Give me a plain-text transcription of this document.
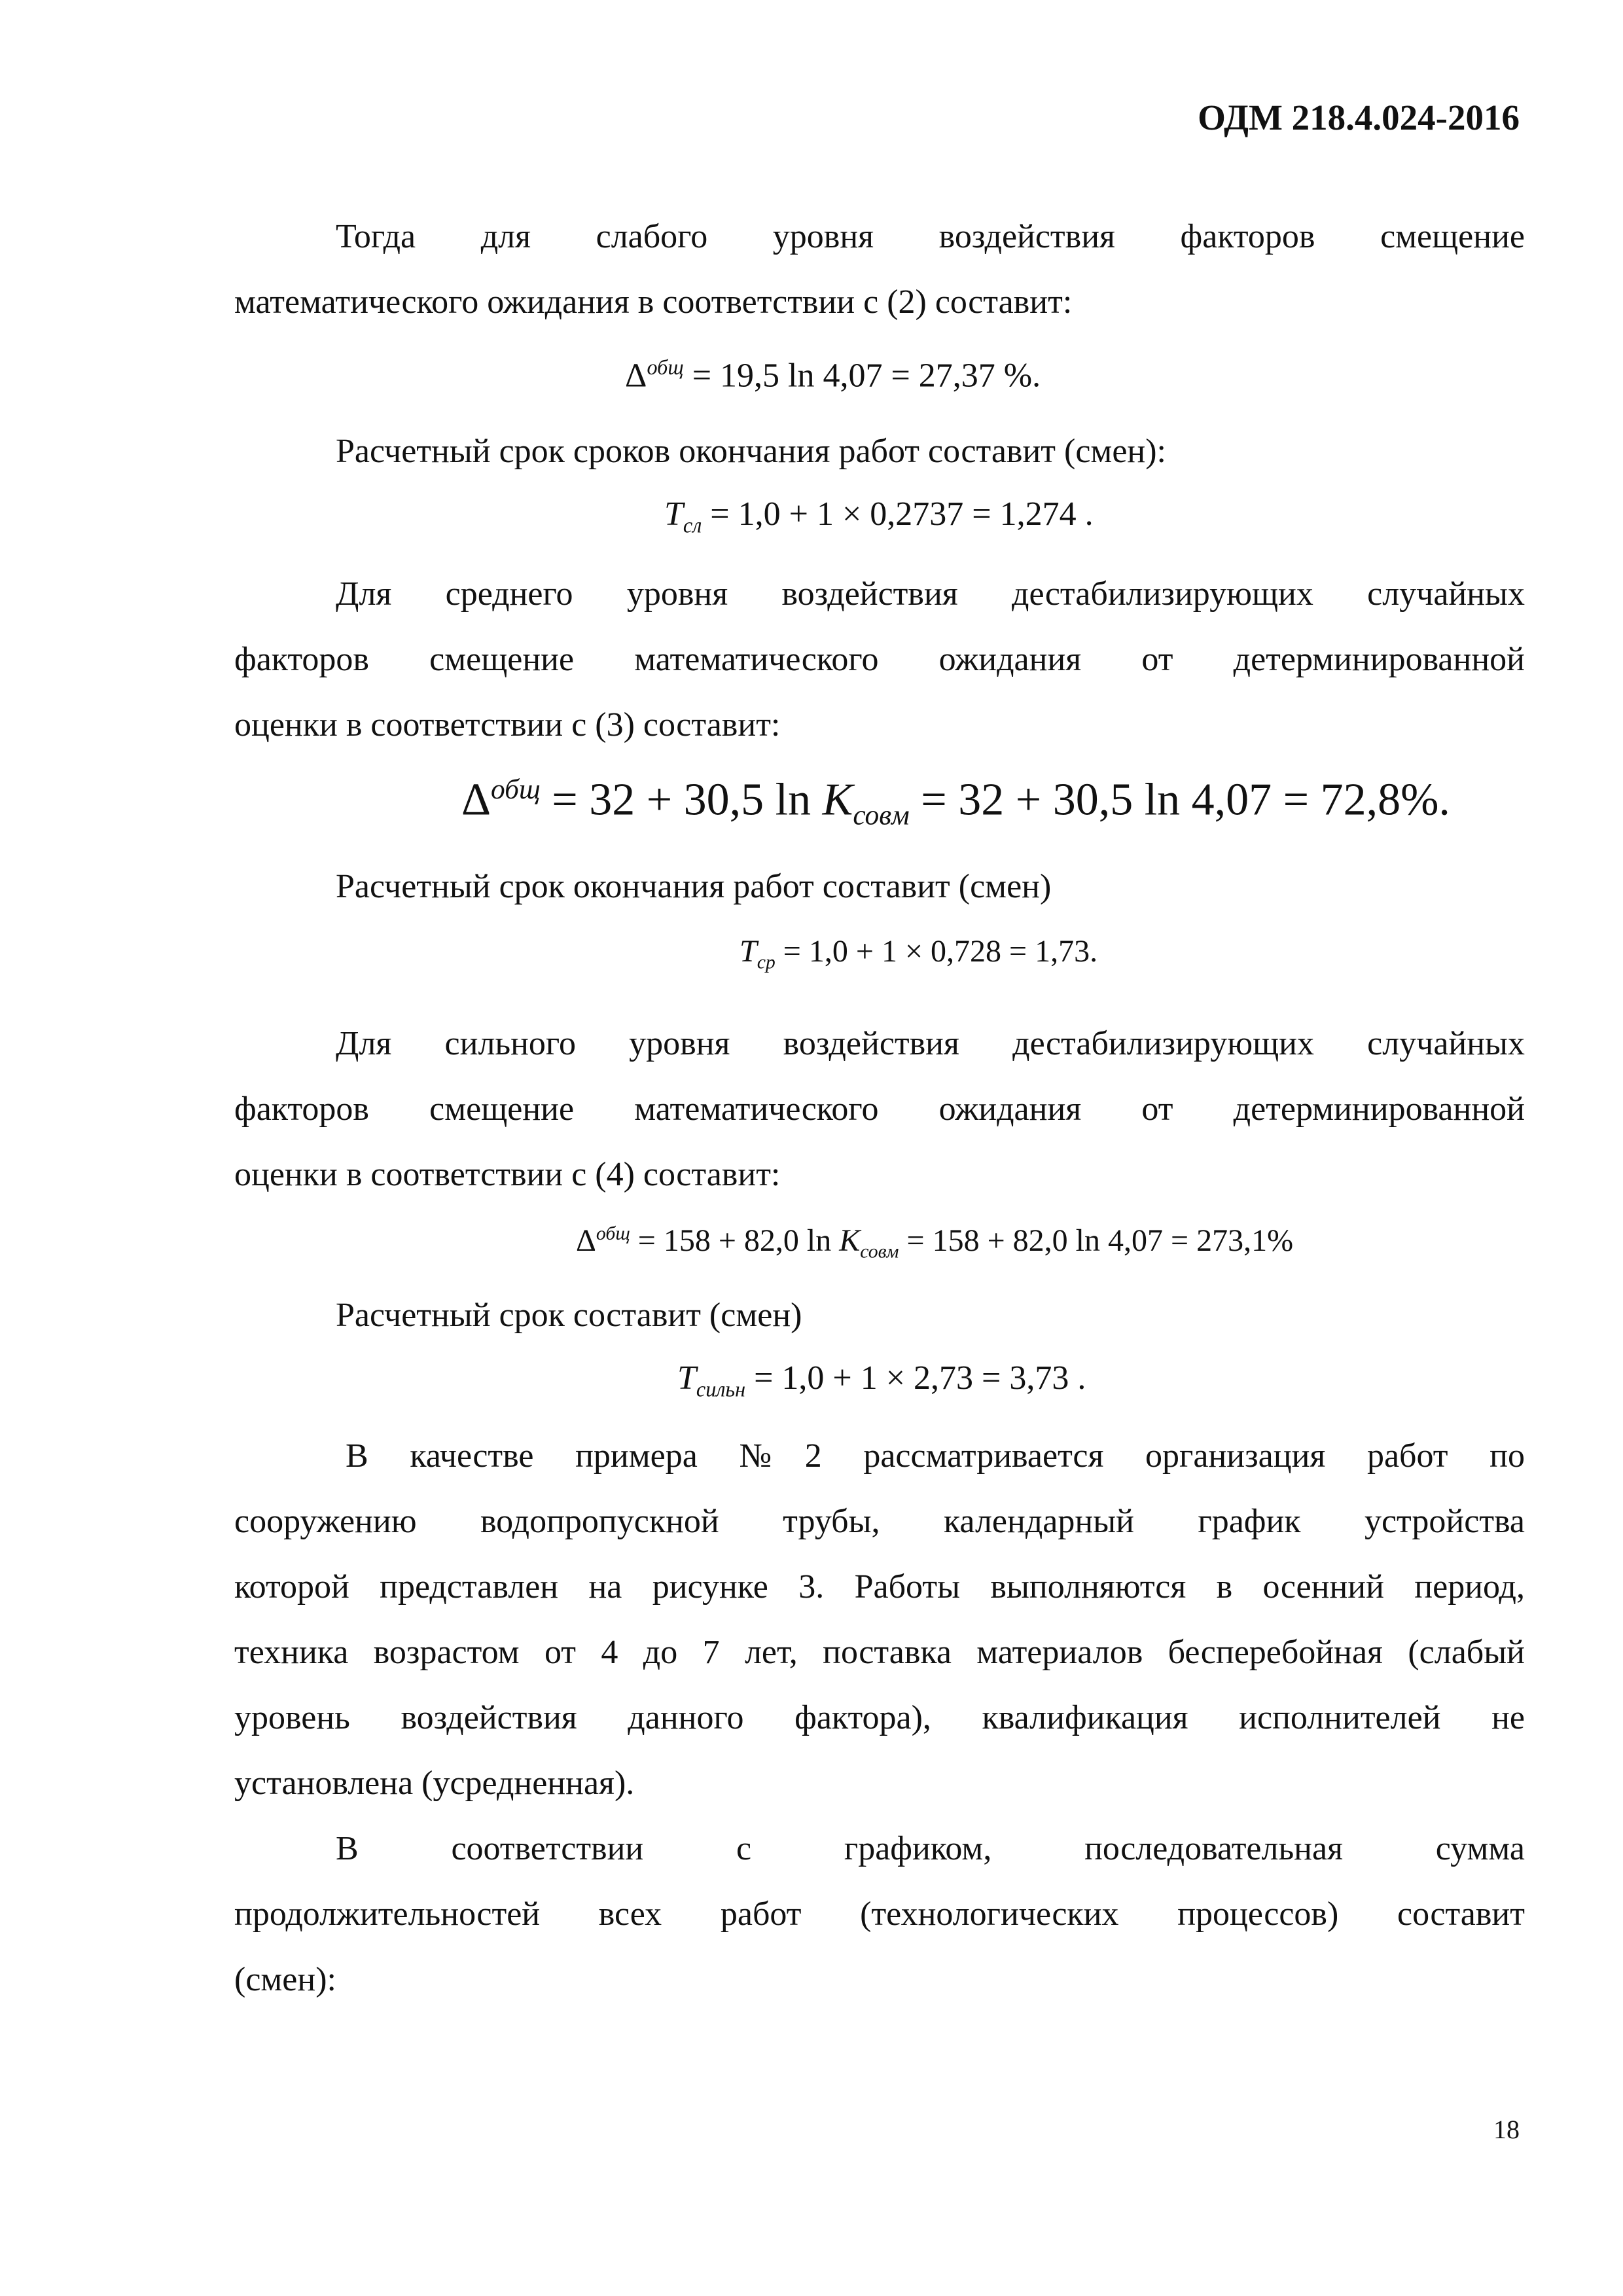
ОДМ 218.4.024-2016
Тогда для слабого уровня воздействия факторов смещение
математического ожидания в соответствии с (2) составит:
$\Delta^{общ} = 19,5$ ln 4,07 = 27,37 %.
Расчетный срок сроков окончания работ составит (смен):
$T_{сл} = 1,0 + 1 \times 0,2737 = 1,274$ .
Для среднего уровня воздействия дестабилизирующих случайных
факторов смещение математического ожидания от детерминированной
оценки в соответствии с (3) составит:
$\Delta^{общ} = 32 + 30,5$ $\ln K_{совм} = 32 + 30,5$ ln 4,07 = 72,8%.
Расчетный срок окончания работ составит (смен)
$T_{ср} = 1,0 + 1 \times 0,728 = 1,73$.
Для сильного уровня воздействия дестабилизирующих случайных
факторов смещение математического ожидания от детерминированной
оценки в соответствии с (4) составит:
$\Delta^{общ} = 158 + 82,0$ $\ln K_{совм} = 158 + 82,0$ ln 4,07 = 273,1%
Расчетный срок составит (смен)
$T_{сильн} = 1,0 + 1 \times 2,73 = 3,73$ .
В качестве примера №2 рассматривается организация работ по
сооружению водопропускной трубы, календарный график устройства
которой представлен на рисунке 3. Работы выполняются в осенний период,
техника возрастом от 4 до 7 лет, поставка материалов бесперебойная (слабый
уровень воздействия данного фактора), квалификация исполнителей не
установлена (усредненная).
В соответствии с графиком, последовательная сумма
продолжительностей всех работ (технологических процессов) составит
(смен):
18
